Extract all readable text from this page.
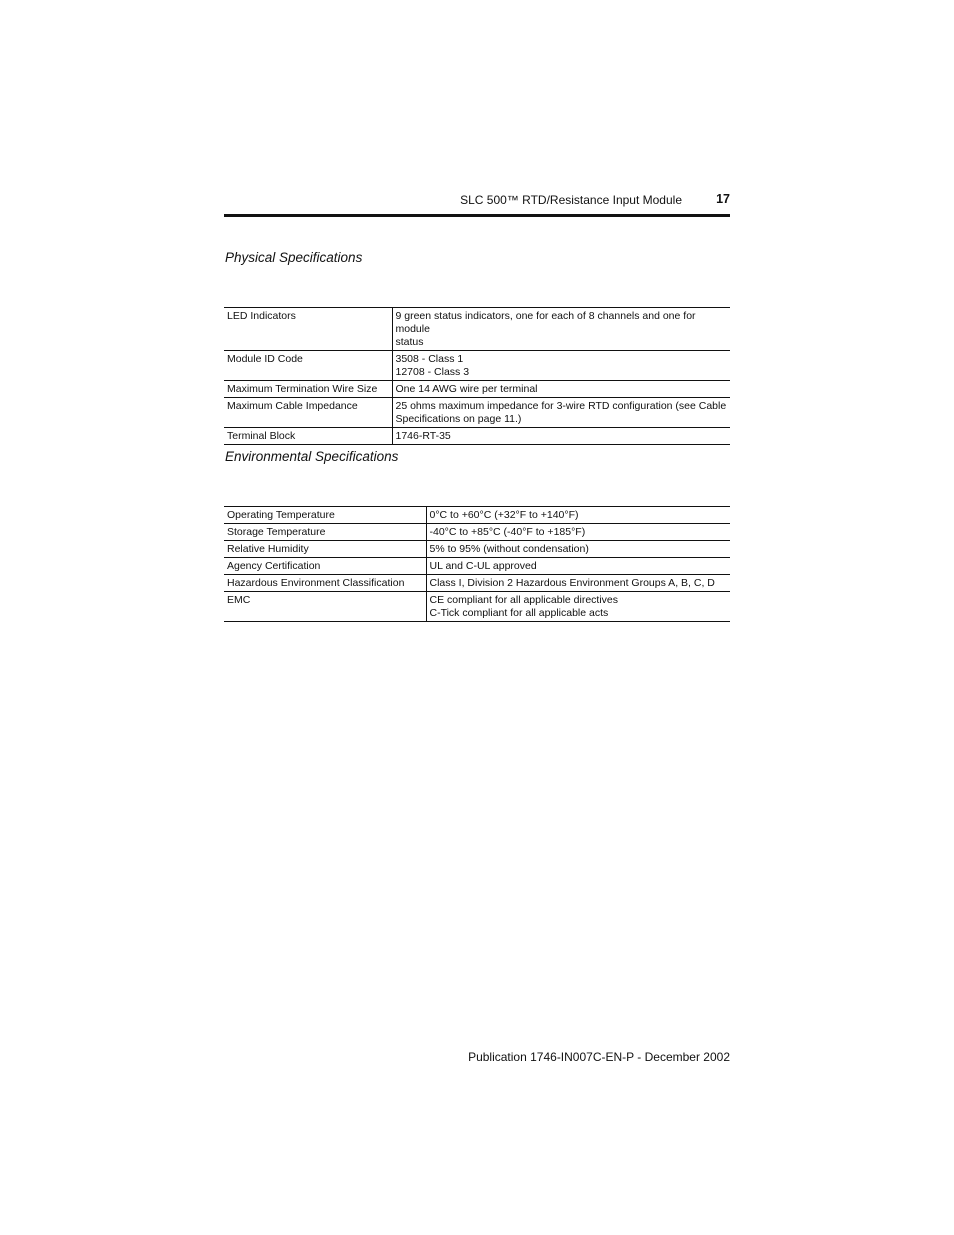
SLC 500™ RTD/Resistance Input Module	17
Physical Specifications
LED Indicators	9 green status indicators, one for each of 8 channels and one for module
status

Module ID Code	3508 - Class 1
12708 - Class 3

Maximum Termination Wire Size	One 14 AWG wire per terminal

Maximum Cable Impedance	25 ohms maximum impedance for 3-wire RTD configuration (see Cable
Specifications on page 11.)

Terminal Block	1746-RT-35
Environmental Specifications
Operating Temperature	0°C to +60°C (+32°F to +140°F)

Storage Temperature	-40°C to +85°C (-40°F to +185°F)

Relative Humidity	5% to 95% (without condensation)

Agency Certification	UL and C-UL approved

Hazardous Environment Classification	Class I, Division 2 Hazardous Environment Groups A, B, C, D

EMC	CE compliant for all applicable directives
C-Tick compliant for all applicable acts
Publication 1746-IN007C-EN-P - December 2002
